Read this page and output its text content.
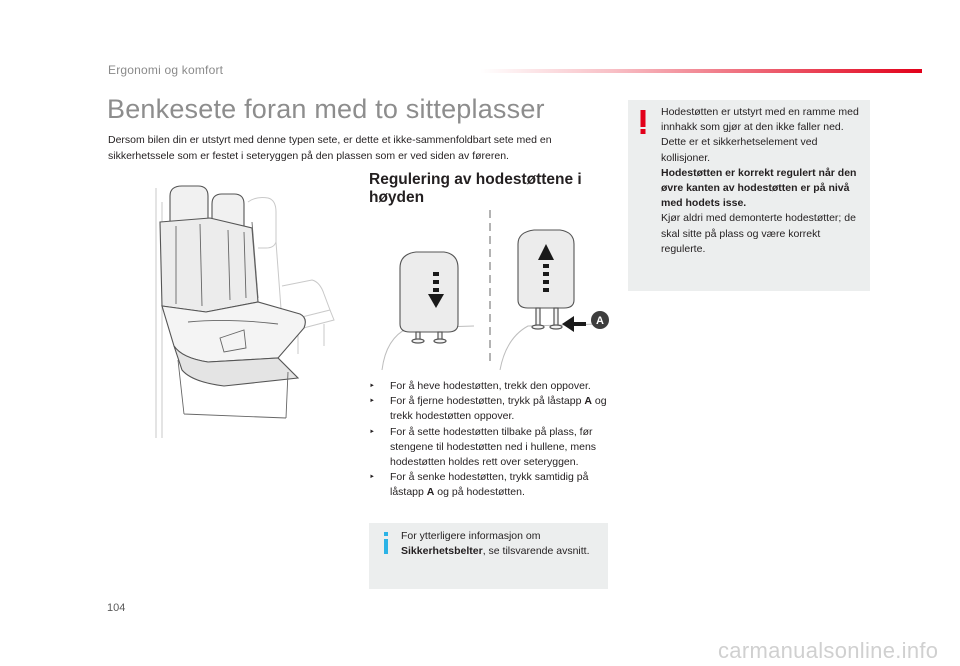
Ergonomi og komfort
Benkesete foran med to sitteplasser

Dersom bilen din er utstyrt med denne typen sete, er dette et ikke-sammenfoldbart sete med en sikkerhetssele som er festet i seteryggen på den plassen som er ved siden av føreren.

Regulering av hodestøttene i høyden
A
‣ For å heve hodestøtten, trekk den oppover.
‣ For å fjerne hodestøtten, trykk på låstapp A og trekk hodestøtten oppover.
‣ For å sette hodestøtten tilbake på plass, før stengene til hodestøtten ned i hullene, mens hodestøtten holdes rett over seteryggen.
‣ For å senke hodestøtten, trykk samtidig på låstapp A og på hodestøtten.

For ytterligere informasjon om Sikkerhetsbelter, se tilsvarende avsnitt.

Hodestøtten er utstyrt med en ramme med innhakk som gjør at den ikke faller ned. Dette er et sikkerhetselement ved kollisjoner.
Hodestøtten er korrekt regulert når den øvre kanten av hodestøtten er på nivå med hodets isse.
Kjør aldri med demonterte hodestøtter; de skal sitte på plass og være korrekt regulerte.

104
carmanualsonline.info
